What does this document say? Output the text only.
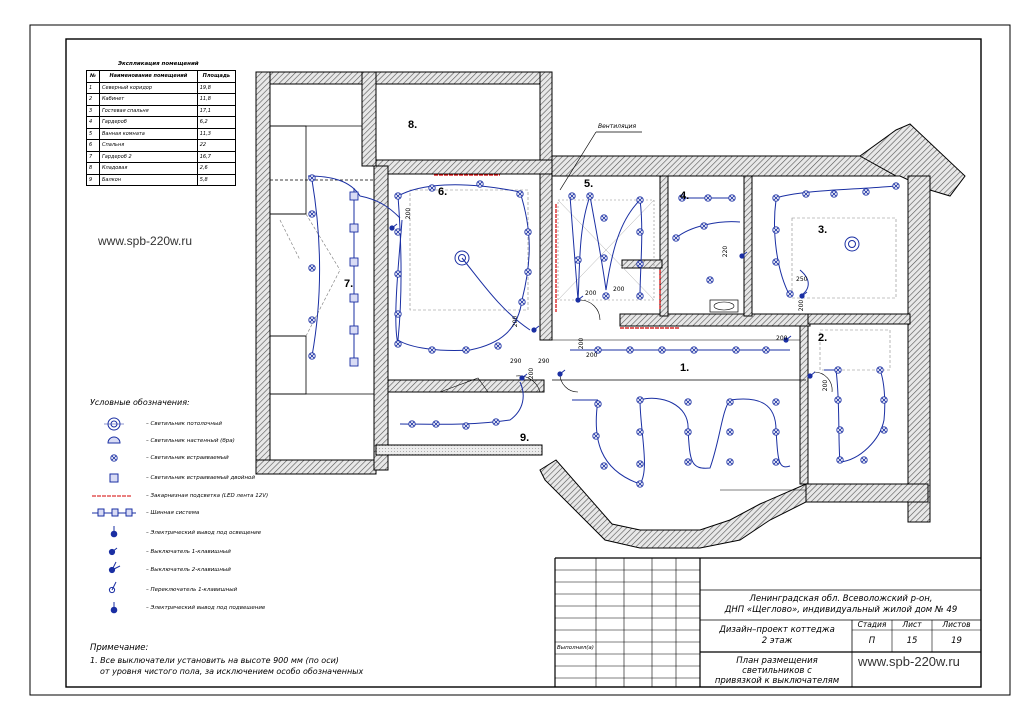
www.spb-220w.ru
www.spb-220w.ru
Экспликация помещений
№	Наименование помещений	Площадь
1	Северный коридор	19,8
2	Кабинет	11,8
3	Гостевая спальня	17,1
4	Гардероб	6,2
5	Ванная комната	11,3
6	Спальня	22
7	Гардероб 2	16,7
8	Кладовая	2,6
9	Балкон	5,8
Условные обозначения:
– Светильник потолочный
– Светильник настенный (бра)
– Светильник встраиваемый
– Светильник встраиваемый двойной
– Закарнизная подсветка (LED лента 12V)
– Шинная система
– Электрический вывод под освещение
– Выключатель 1-клавишный
– Выключатель 2-клавишный
– Переключатель 1-клавишный
– Электрический вывод под подвешение
Примечание:
1. Все выключатели установить на высоте 900 мм (по оси)
от уровня чистого пола, за исключением особо обозначенных
1.
2.
3.
4.
5.
6.
7.
8.
9.
Вентиляция
200
200
250
200
200
220
290	290
200
200	200
200
200
200
Ленинградская обл. Всеволожский р-он,
ДНП «Щеглово», индивидуальный жилой дом № 49
Дизайн–проект коттеджа
2 этаж
Стадия	Лист	Листов
П	15	19
Выполнил(а)
План размещения
светильников с
привязкой к выключателям
